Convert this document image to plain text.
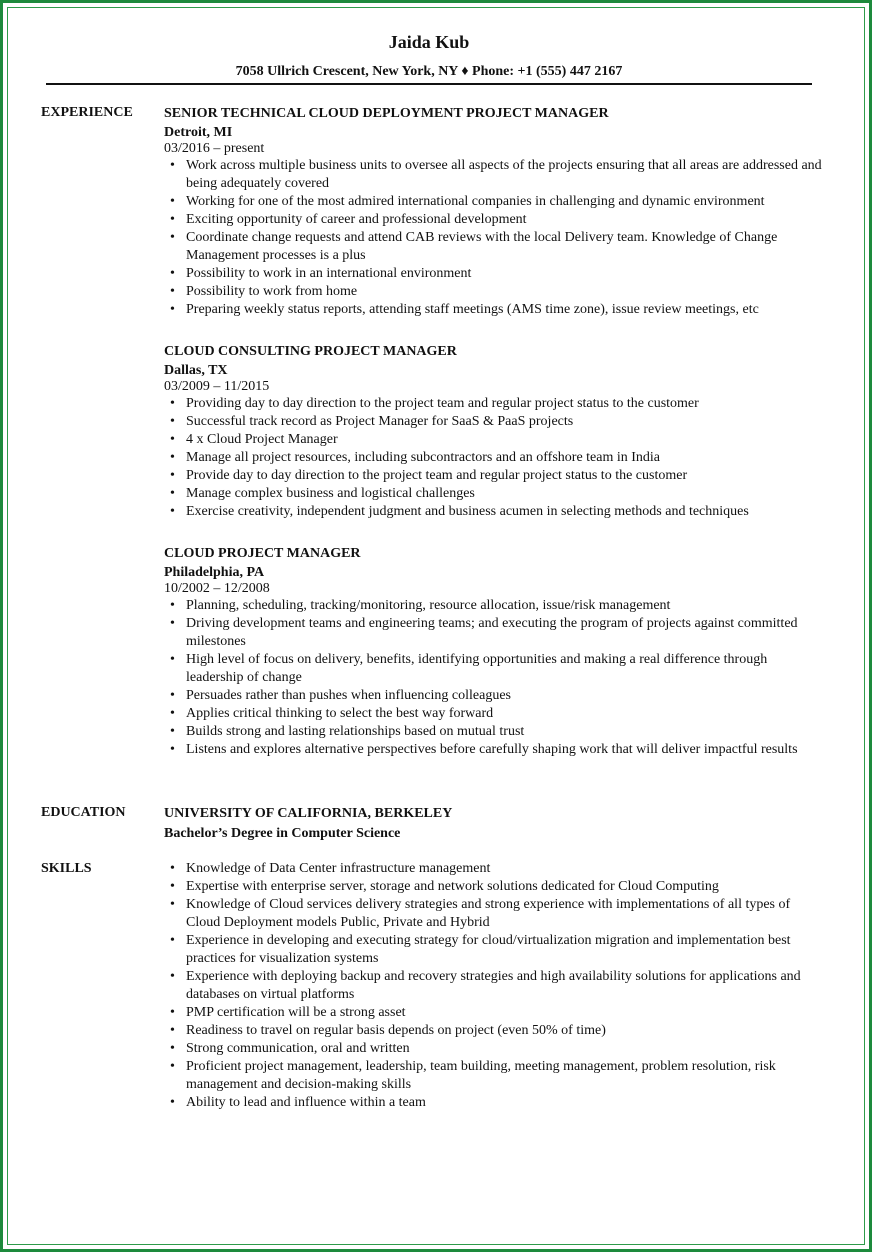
Jaida Kub
7058 Ullrich Crescent, New York, NY ♦ Phone: +1 (555) 447 2167
EXPERIENCE SENIOR TECHNICAL CLOUD DEPLOYMENT PROJECT MANAGER
Detroit, MI
03/2016 – present
• Work across multiple business units to oversee all aspects of the projects ensuring that all areas are addressed and being adequately covered
• Working for one of the most admired international companies in challenging and dynamic environment
• Exciting opportunity of career and professional development
• Coordinate change requests and attend CAB reviews with the local Delivery team. Knowledge of Change Management processes is a plus
• Possibility to work in an international environment
• Possibility to work from home
• Preparing weekly status reports, attending staff meetings (AMS time zone), issue review meetings, etc
CLOUD CONSULTING PROJECT MANAGER
Dallas, TX
03/2009 – 11/2015
• Providing day to day direction to the project team and regular project status to the customer
• Successful track record as Project Manager for SaaS & PaaS projects
• 4 x Cloud Project Manager
• Manage all project resources, including subcontractors and an offshore team in India
• Provide day to day direction to the project team and regular project status to the customer
• Manage complex business and logistical challenges
• Exercise creativity, independent judgment and business acumen in selecting methods and techniques
CLOUD PROJECT MANAGER
Philadelphia, PA
10/2002 – 12/2008
• Planning, scheduling, tracking/monitoring, resource allocation, issue/risk management
• Driving development teams and engineering teams; and executing the program of projects against committed milestones
• High level of focus on delivery, benefits, identifying opportunities and making a real difference through leadership of change
• Persuades rather than pushes when influencing colleagues
• Applies critical thinking to select the best way forward
• Builds strong and lasting relationships based on mutual trust
• Listens and explores alternative perspectives before carefully shaping work that will deliver impactful results
EDUCATION	UNIVERSITY OF CALIFORNIA, BERKELEY
Bachelor’s Degree in Computer Science
SKILLS
•	Knowledge of Data Center infrastructure management
• Expertise with enterprise server, storage and network solutions dedicated for Cloud Computing
• Knowledge of Cloud services delivery strategies and strong experience with implementations of all types of Cloud Deployment models Public, Private and Hybrid
• Experience in developing and executing strategy for cloud/virtualization migration and implementation best practices for visualization systems
• Experience with deploying backup and recovery strategies and high availability solutions for applications and databases on virtual platforms
• PMP certification will be a strong asset
• Readiness to travel on regular basis depends on project (even 50% of time)
• Strong communication, oral and written
• Proficient project management, leadership, team building, meeting management, problem resolution, risk management and decision-making skills
• Ability to lead and influence within a team
